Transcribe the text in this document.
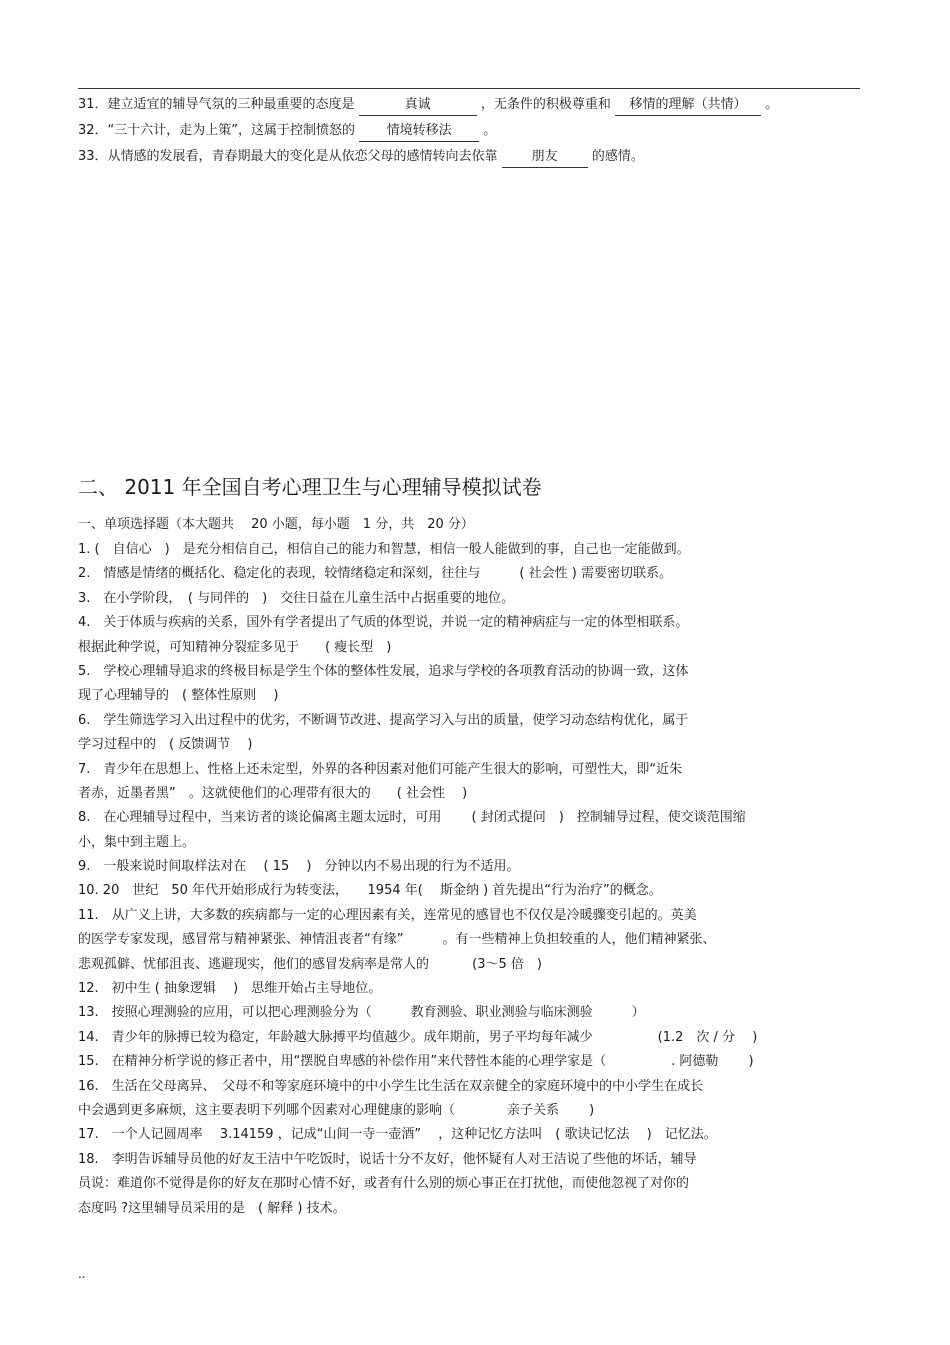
31．建立适宜的辅导气氛的三种最重要的态度是	真诚	，无条件的积极尊重和 移情的理解（共情） 。
32．“三十六计，走为上策”，这属于控制愤怒的 情境转移法 。
33．从情感的发展看，青春期最大的变化是从依恋父母的感情转向去依靠	朋友	的感情。
二、 2011 年全国自考心理卫生与心理辅导模拟试卷
一、单项选择题（本大题共　 20 小题，每小题　1 分，共　20 分）
1. (　自信心　)　是充分相信自己，相信自己的能力和智慧，相信一般人能做到的事，自己也一定能做到。
2.　情感是情绪的概括化、稳定化的表现，较情绪稳定和深刻，往往与　　　( 社会性 ) 需要密切联系。
3.　在小学阶段，　( 与同伴的　)　交往日益在儿童生活中占据重要的地位。
4.　关于体质与疾病的关系，国外有学者提出了气质的体型说，并说一定的精神病症与一定的体型相联系。
根据此种学说，可知精神分裂症多见于　　( 瘦长型　)
5.　学校心理辅导追求的终极目标是学生个体的整体性发展，追求与学校的各项教育活动的协调一致，这体
现了心理辅导的　( 整体性原则　 )
6.　学生筛选学习入出过程中的优劣，不断调节改进、提高学习入与出的质量，使学习动态结构优化，属于
学习过程中的　( 反馈调节　 )
7.　青少年在思想上、性格上还未定型，外界的各种因素对他们可能产生很大的影响，可塑性大，即“近朱
者赤，近墨者黑”　。这就使他们的心理带有很大的　　( 社会性　 )
8.　在心理辅导过程中，当来访者的谈论偏离主题太远时，可用　　 ( 封闭式提问　)　控制辅导过程，使交谈范围缩
小，集中到主题上。
9.　一般来说时间取样法对在　 ( 15　 )　分钟以内不易出现的行为不适用。
10. 20　世纪　50 年代开始形成行为转变法，　　1954 年(　 斯金纳 ) 首先提出“行为治疗”的概念。
11.　从广义上讲，大多数的疾病都与一定的心理因素有关，连常见的感冒也不仅仅是冷暖骤变引起的。英美
的医学专家发现，感冒常与精神紧张、神情沮丧者“有缘”　　　。有一些精神上负担较重的人，他们精神紧张、
悲观孤僻、忧郁沮丧、逃避现实，他们的感冒发病率是常人的　　　 (3～5 倍　)
12.　初中生 ( 抽象逻辑　 )　思维开始占主导地位。
13.　按照心理测验的应用，可以把心理测验分为（　　　教育测验、职业测验与临床测验　　　）
14.　青少年的脉搏已较为稳定，年龄越大脉搏平均值越少。成年期前，男子平均每年减少　　　　　(1.2　次 / 分　 )
15.　在精神分析学说的修正者中，用“摆脱自卑感的补偿作用”来代替性本能的心理学家是（　　　　　. 阿德勒　　 )
16.　生活在父母离异、　父母不和等家庭环境中的中小学生比生活在双亲健全的家庭环境中的中小学生在成长
中会遇到更多麻烦，这主要表明下列哪个因素对心理健康的影响（　　　　亲子关系　　 )
17.　一个人记圆周率　 3.14159 ，记成“山间一寺一壶酒”　 ，这种记忆方法叫　( 歌诀记忆法　 )　记忆法。
18.　李明告诉辅导员他的好友王洁中午吃饭时，说话十分不友好，他怀疑有人对王洁说了些他的坏话，辅导
员说：难道你不觉得是你的好友在那时心情不好，或者有什么别的烦心事正在打扰他，而使他忽视了对你的
态度吗 ?这里辅导员采用的是　( 解释 ) 技术。
..
